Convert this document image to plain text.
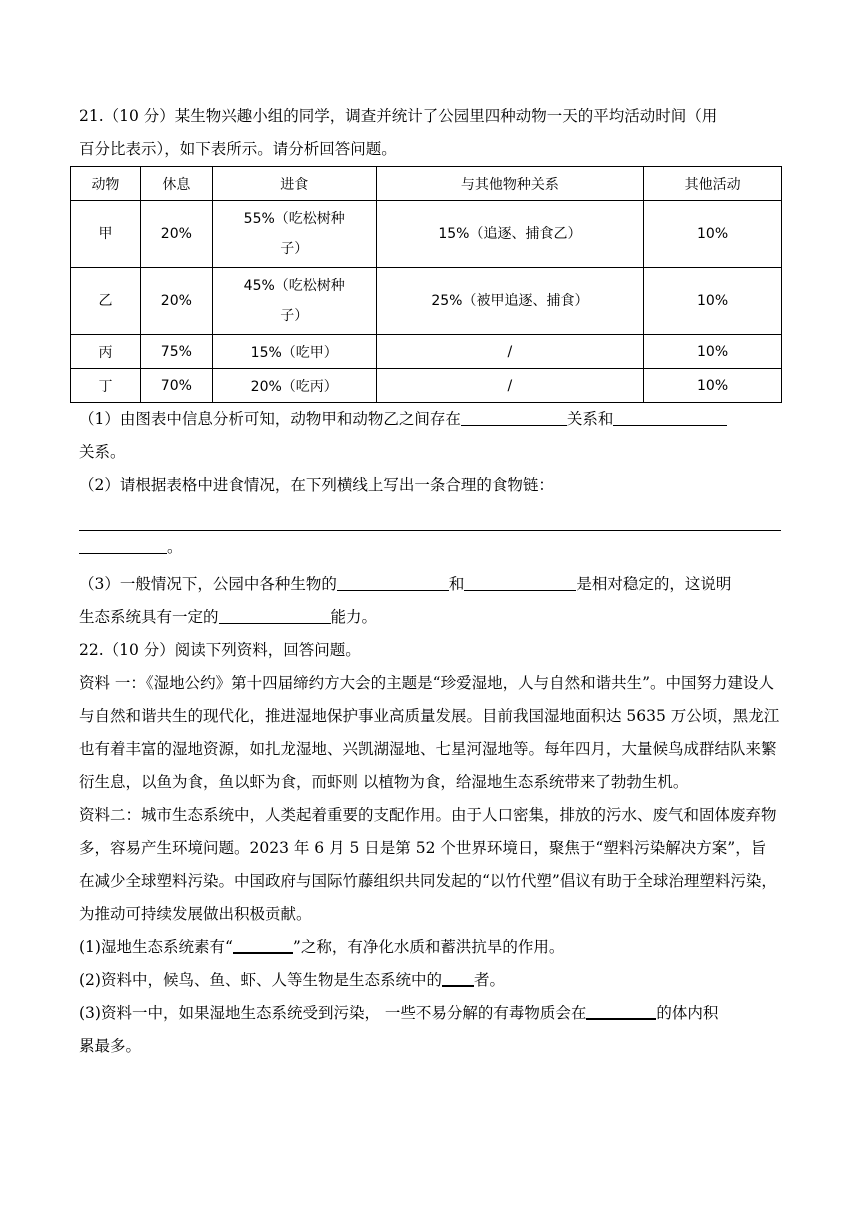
21.（10 分）某生物兴趣小组的同学，调查并统计了公园里四种动物一天的平均活动时间（用
百分比表示），如下表所示。请分析回答问题。
动物	休息	进食	与其他物种关系	其他活动
甲	20%	55%（吃松树种子）	15%（追逐、捕食乙）	10%
乙	20%	45%（吃松树种子）	25%（被甲追逐、捕食）	10%
丙	75%	15%（吃甲）	/	10%
丁	70%	20%（吃丙）	/	10%
（1）由图表中信息分析可知，动物甲和动物乙之间存在	关系和
关系。
（2）请根据表格中进食情况，在下列横线上写出一条合理的食物链：
。
（3）一般情况下，公园中各种生物的	和	是相对稳定的，这说明
生态系统具有一定的	能力。
22.（10 分）阅读下列资料，回答问题。
资料 一：《湿地公约》第十四届缔约方大会的主题是“珍爱湿地，人与自然和谐共生”。中国努力建设人与自然和谐共生的现代化，推进湿地保护事业高质量发展。目前我国湿地面积达 5635 万公顷，黑龙江也有着丰富的湿地资源，如扎龙湿地、兴凯湖湿地、七星河湿地等。每年四月，大量候鸟成群结队来繁衍生息，以鱼为食，鱼以虾为食，而虾则 以植物为食，给湿地生态系统带来了勃勃生机。
资料二：城市生态系统中，人类起着重要的支配作用。由于人口密集，排放的污水、废气和固体废弃物多，容易产生环境问题。2023 年 6 月 5 日是第 52 个世界环境日，聚焦于“塑料污染解决方案”，旨在减少全球塑料污染。中国政府与国际竹藤组织共同发起的“以竹代塑”倡议有助于全球治理塑料污染，为推动可持续发展做出积极贡献。
(1)湿地生态系统素有“	”之称，有净化水质和蓄洪抗旱的作用。
(2)资料中，候鸟、鱼、虾、人等生物是生态系统中的 者。
(3)资料一中，如果湿地生态系统受到污染， 一些不易分解的有毒物质会在	的体内积
累最多。
